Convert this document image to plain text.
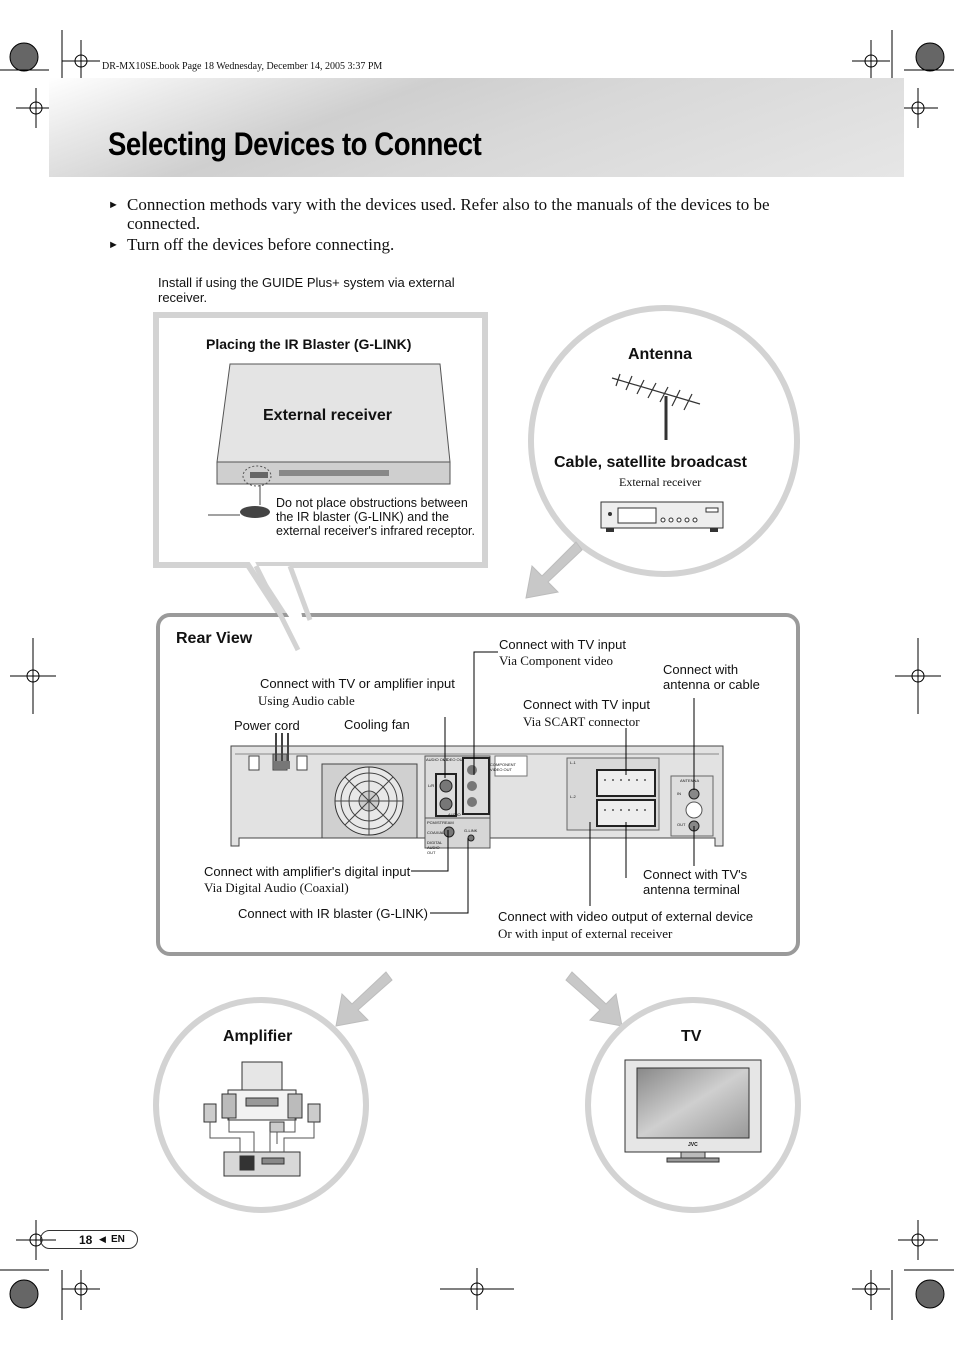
DR-MX10SE.book Page 18 Wednesday, December 14, 2005 3:37 PM
Selecting Devices to Connect
► Connection methods vary with the devices used. Refer also to the manuals of the devices to be connected.
► Turn off the devices before connecting.
Install if using the GUIDE Plus+ system via external receiver.
Placing the IR Blaster (G-LINK)
External receiver
Do not place obstructions between the IR blaster (G-LINK) and the external receiver's infrared receptor.
Antenna
Cable, satellite broadcast
External receiver
Rear View
AUDIO OUT
VIDEO OUT
COMPONENT VIDEO OUT
L/R
AUDIO
PCM/STREAM
COAXIAL
DIGITAL AUDIO OUT
G-LINK
L-1
L-2
ANTENNA
IN
OUT
Power cord	Cooling fan
Connect with TV or amplifier input
Using Audio cable
Connect with TV input
Via Component video
Connect with TV input
Via SCART connector
Connect with antenna or cable
Connect with amplifier's digital input
Via Digital Audio (Coaxial)
Connect with IR blaster (G-LINK)
Connect with TV's antenna terminal
Connect with video output of external device
Or with input of external receiver
Amplifier	TV
JVC
18 ◀ EN
